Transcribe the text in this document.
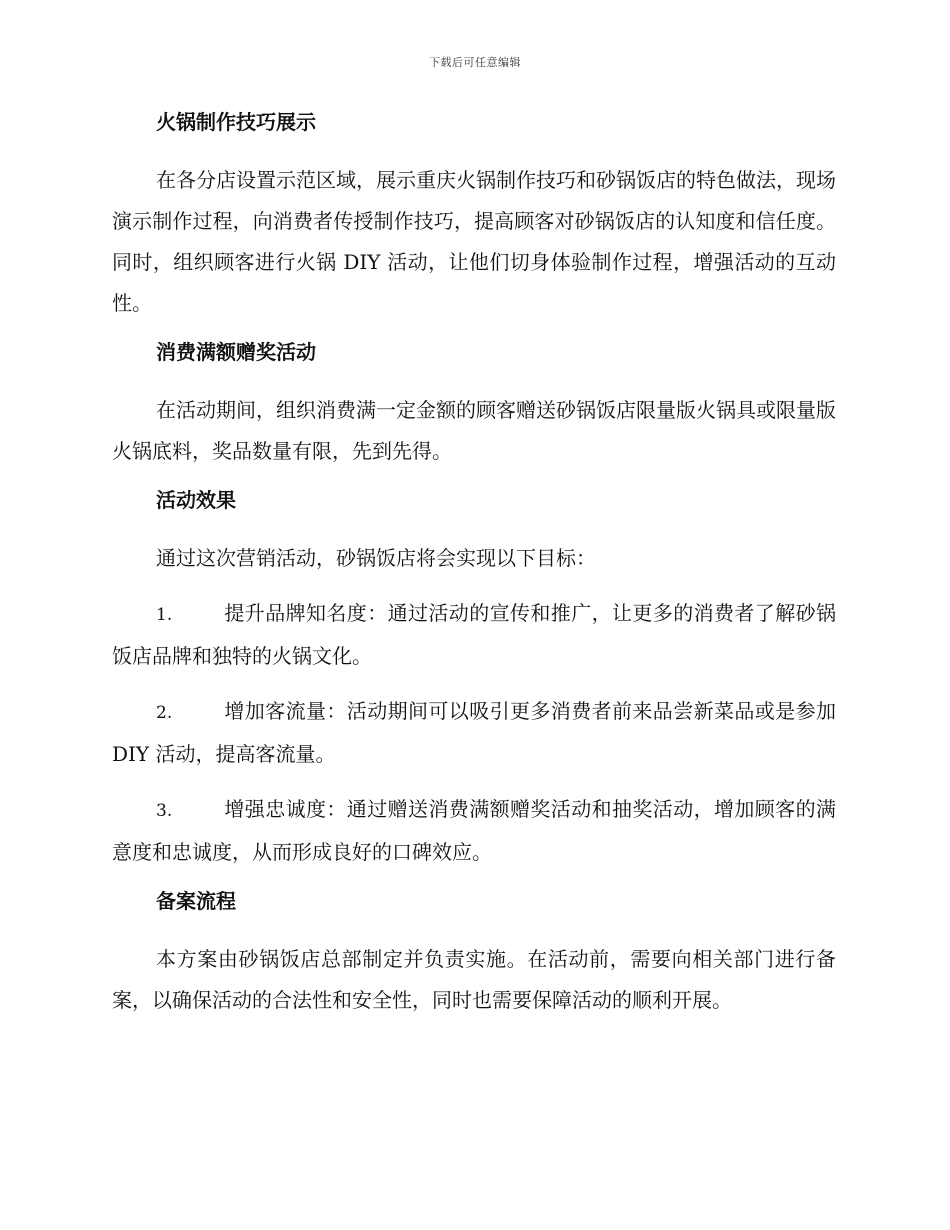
下载后可任意编辑
火锅制作技巧展示

在各分店设置示范区域，展示重庆火锅制作技巧和砂锅饭店的特色做法，现场演示制作过程，向消费者传授制作技巧，提高顾客对砂锅饭店的认知度和信任度。同时，组织顾客进行火锅 DIY 活动，让他们切身体验制作过程，增强活动的互动性。

消费满额赠奖活动

在活动期间，组织消费满一定金额的顾客赠送砂锅饭店限量版火锅具或限量版火锅底料，奖品数量有限，先到先得。

活动效果

通过这次营销活动，砂锅饭店将会实现以下目标：

1.	提升品牌知名度：通过活动的宣传和推广，让更多的消费者了解砂锅饭店品牌和独特的火锅文化。

2.	增加客流量：活动期间可以吸引更多消费者前来品尝新菜品或是参加 DIY 活动，提高客流量。

3.	增强忠诚度：通过赠送消费满额赠奖活动和抽奖活动，增加顾客的满意度和忠诚度，从而形成良好的口碑效应。

备案流程

本方案由砂锅饭店总部制定并负责实施。在活动前，需要向相关部门进行备案，以确保活动的合法性和安全性，同时也需要保障活动的顺利开展。
